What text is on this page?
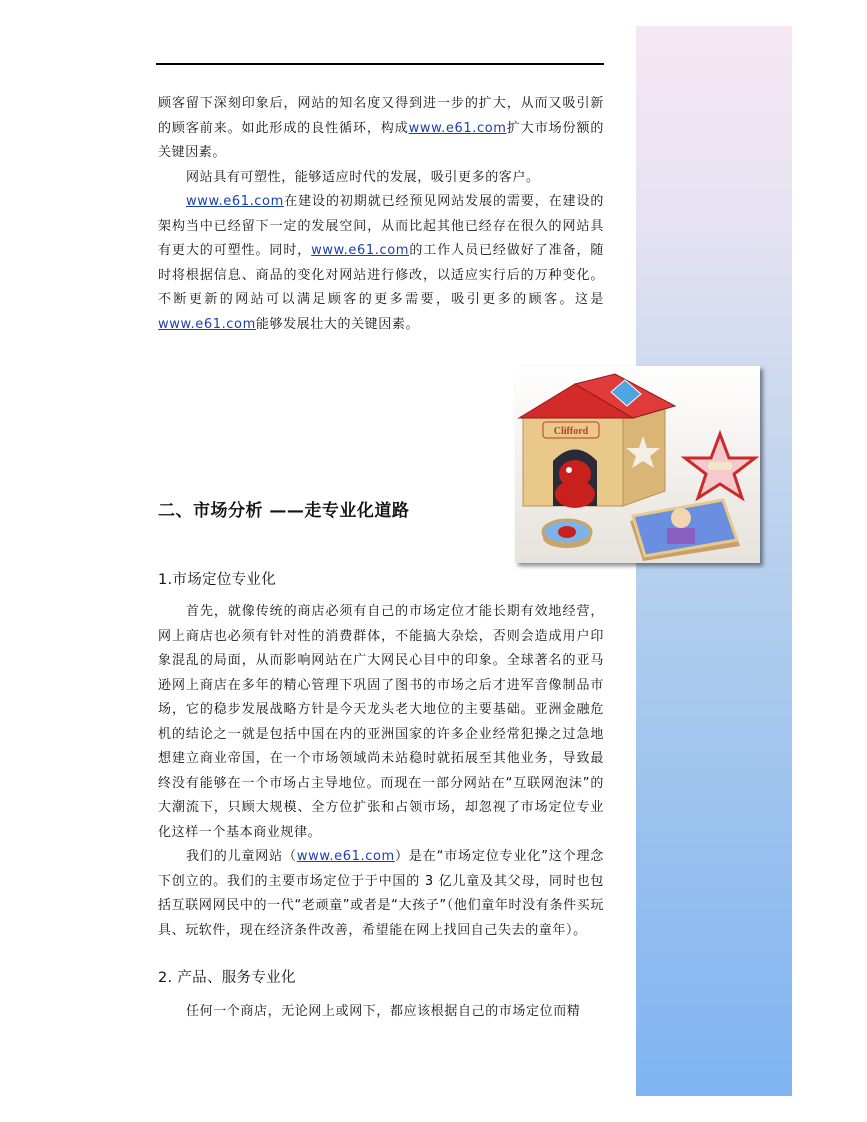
顾客留下深刻印象后，网站的知名度又得到进一步的扩大，从而又吸引新的顾客前来。如此形成的良性循环，构成www.e61.com扩大市场份额的关键因素。

网站具有可塑性，能够适应时代的发展，吸引更多的客户。

www.e61.com在建设的初期就已经预见网站发展的需要，在建设的架构当中已经留下一定的发展空间，从而比起其他已经存在很久的网站具有更大的可塑性。同时，www.e61.com的工作人员已经做好了准备，随时将根据信息、商品的变化对网站进行修改，以适应实行后的万种变化。不断更新的网站可以满足顾客的更多需要，吸引更多的顾客。这是www.e61.com能够发展壮大的关键因素。

Clifford
二、市场分析 ——走专业化道路
1.市场定位专业化

首先，就像传统的商店必须有自己的市场定位才能长期有效地经营，网上商店也必须有针对性的消费群体，不能搞大杂烩，否则会造成用户印象混乱的局面，从而影响网站在广大网民心目中的印象。全球著名的亚马逊网上商店在多年的精心管理下巩固了图书的市场之后才进军音像制品市场，它的稳步发展战略方针是今天龙头老大地位的主要基础。亚洲金融危机的结论之一就是包括中国在内的亚洲国家的许多企业经常犯操之过急地想建立商业帝国，在一个市场领域尚未站稳时就拓展至其他业务，导致最终没有能够在一个市场占主导地位。而现在一部分网站在“互联网泡沫”的大潮流下，只顾大规模、全方位扩张和占领市场，却忽视了市场定位专业化这样一个基本商业规律。

我们的儿童网站（www.e61.com）是在“市场定位专业化”这个理念下创立的。我们的主要市场定位于于中国的 3 亿儿童及其父母，同时也包括互联网网民中的一代“老顽童”或者是“大孩子”（他们童年时没有条件买玩具、玩软件，现在经济条件改善，希望能在网上找回自己失去的童年）。

2. 产品、服务专业化

任何一个商店，无论网上或网下，都应该根据自己的市场定位而精
